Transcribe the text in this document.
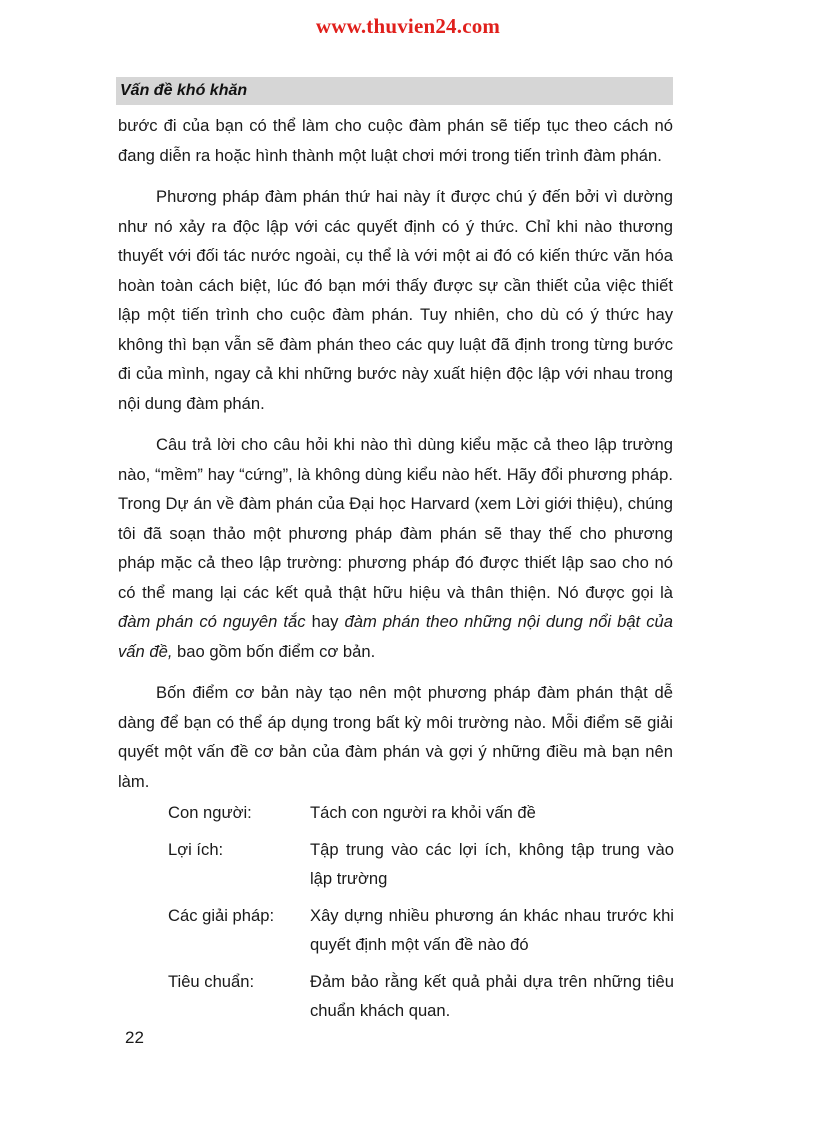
www.thuvien24.com
Vấn đề khó khăn

bước đi của bạn có thể làm cho cuộc đàm phán sẽ tiếp tục theo cách nó đang diễn ra hoặc hình thành một luật chơi mới trong tiến trình đàm phán.

Phương pháp đàm phán thứ hai này ít được chú ý đến bởi vì dường như nó xảy ra độc lập với các quyết định có ý thức. Chỉ khi nào thương thuyết với đối tác nước ngoài, cụ thể là với một ai đó có kiến thức văn hóa hoàn toàn cách biệt, lúc đó bạn mới thấy được sự cần thiết của việc thiết lập một tiến trình cho cuộc đàm phán. Tuy nhiên, cho dù có ý thức hay không thì bạn vẫn sẽ đàm phán theo các quy luật đã định trong từng bước đi của mình, ngay cả khi những bước này xuất hiện độc lập với nhau trong nội dung đàm phán.

Câu trả lời cho câu hỏi khi nào thì dùng kiểu mặc cả theo lập trường nào, “mềm” hay “cứng”, là không dùng kiểu nào hết. Hãy đổi phương pháp. Trong Dự án về đàm phán của Đại học Harvard (xem Lời giới thiệu), chúng tôi đã soạn thảo một phương pháp đàm phán sẽ thay thế cho phương pháp mặc cả theo lập trường: phương pháp đó được thiết lập sao cho nó có thể mang lại các kết quả thật hữu hiệu và thân thiện. Nó được gọi là đàm phán có nguyên tắc hay đàm phán theo những nội dung nổi bật của vấn đề, bao gồm bốn điểm cơ bản.

Bốn điểm cơ bản này tạo nên một phương pháp đàm phán thật dễ dàng để bạn có thể áp dụng trong bất kỳ môi trường nào. Mỗi điểm sẽ giải quyết một vấn đề cơ bản của đàm phán và gợi ý những điều mà bạn nên làm.

Con người:	Tách con người ra khỏi vấn đề
Lợi ích:	Tập trung vào các lợi ích, không tập trung vào lập trường
Các giải pháp:	Xây dựng nhiều phương án khác nhau trước khi quyết định một vấn đề nào đó
Tiêu chuẩn:	Đảm bảo rằng kết quả phải dựa trên những tiêu chuẩn khách quan.
22
